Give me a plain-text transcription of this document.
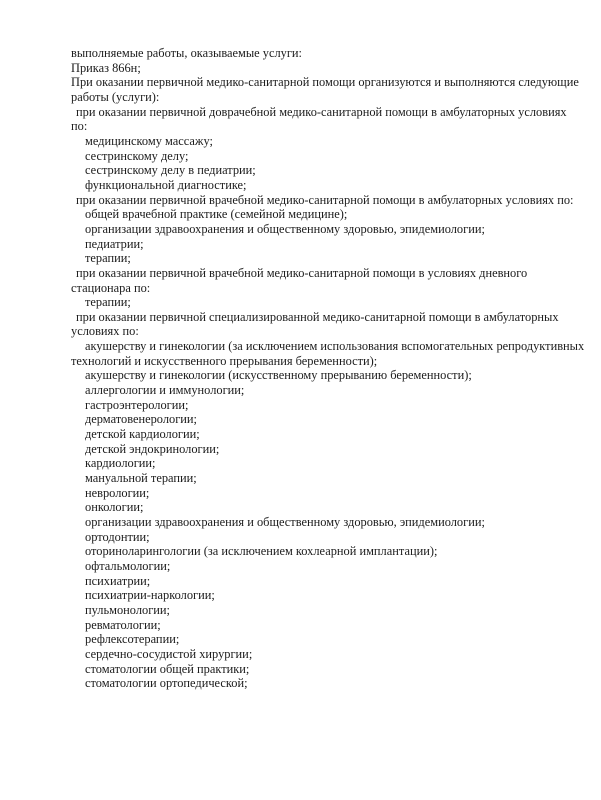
выполняемые работы, оказываемые услуги:
Приказ 866н;
При оказании первичной медико-санитарной помощи организуются и выполняются следующие
работы (услуги):
при оказании первичной доврачебной медико-санитарной помощи в амбулаторных условиях
по:
медицинскому массажу;
сестринскому делу;
сестринскому делу в педиатрии;
функциональной диагностике;
при оказании первичной врачебной медико-санитарной помощи в амбулаторных условиях по:
общей врачебной практике (семейной медицине);
организации здравоохранения и общественному здоровью, эпидемиологии;
педиатрии;
терапии;
при оказании первичной врачебной медико-санитарной помощи в условиях дневного
стационара по:
терапии;
при оказании первичной специализированной медико-санитарной помощи в амбулаторных
условиях по:
акушерству и гинекологии (за исключением использования вспомогательных репродуктивных
технологий и искусственного прерывания беременности);
акушерству и гинекологии (искусственному прерыванию беременности);
аллергологии и иммунологии;
гастроэнтерологии;
дерматовенерологии;
детской кардиологии;
детской эндокринологии;
кардиологии;
мануальной терапии;
неврологии;
онкологии;
организации здравоохранения и общественному здоровью, эпидемиологии;
ортодонтии;
оториноларингологии (за исключением кохлеарной имплантации);
офтальмологии;
психиатрии;
психиатрии-наркологии;
пульмонологии;
ревматологии;
рефлексотерапии;
сердечно-сосудистой хирургии;
стоматологии общей практики;
стоматологии ортопедической;
